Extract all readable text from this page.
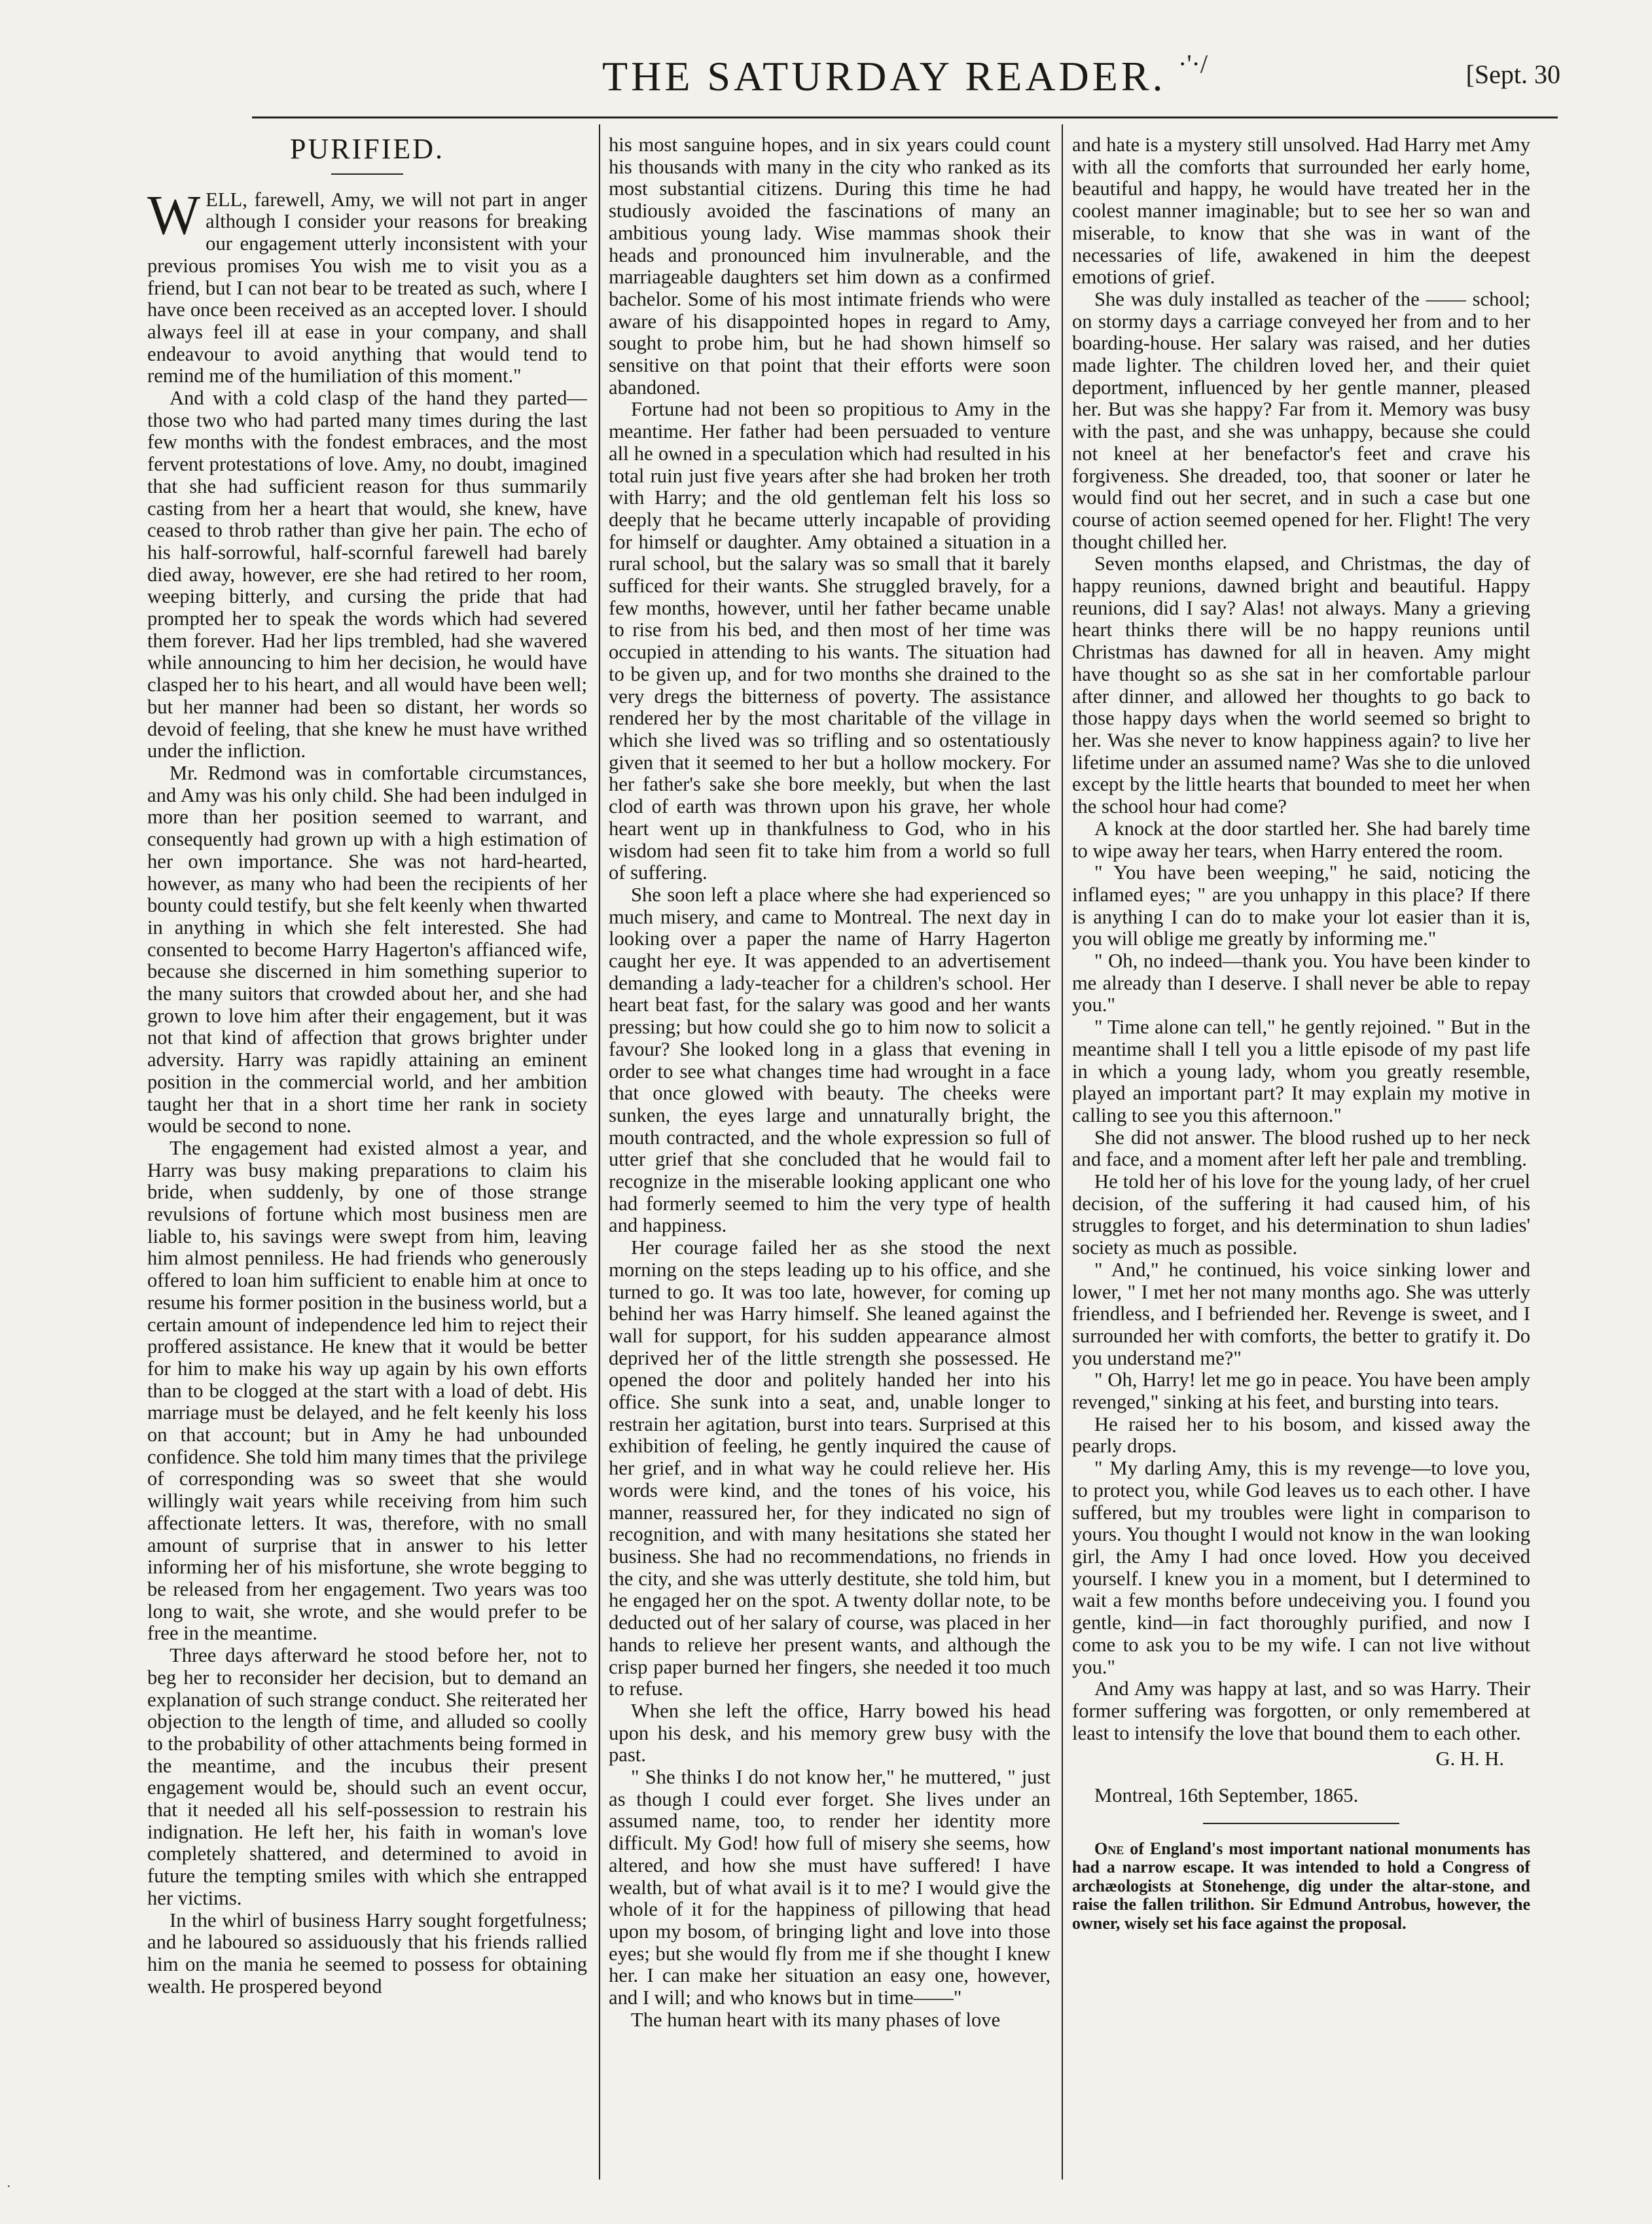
THE SATURDAY READER. ·'·/	[Sept. 30
PURIFIED.

WELL, farewell, Amy, we will not part in anger although I consider your reasons for breaking our engagement utterly inconsistent with your previous promises You wish me to visit you as a friend, but I can not bear to be treated as such, where I have once been received as an accepted lover. I should always feel ill at ease in your company, and shall endeavour to avoid anything that would tend to remind me of the humiliation of this moment."

And with a cold clasp of the hand they parted—those two who had parted many times during the last few months with the fondest embraces, and the most fervent protestations of love. Amy, no doubt, imagined that she had sufficient reason for thus summarily casting from her a heart that would, she knew, have ceased to throb rather than give her pain. The echo of his half-sorrowful, half-scornful farewell had barely died away, however, ere she had retired to her room, weeping bitterly, and cursing the pride that had prompted her to speak the words which had severed them forever. Had her lips trembled, had she wavered while announcing to him her decision, he would have clasped her to his heart, and all would have been well; but her manner had been so distant, her words so devoid of feeling, that she knew he must have writhed under the infliction.

Mr. Redmond was in comfortable circumstances, and Amy was his only child. She had been indulged in more than her position seemed to warrant, and consequently had grown up with a high estimation of her own importance. She was not hard-hearted, however, as many who had been the recipients of her bounty could testify, but she felt keenly when thwarted in anything in which she felt interested. She had consented to become Harry Hagerton's affianced wife, because she discerned in him something superior to the many suitors that crowded about her, and she had grown to love him after their engagement, but it was not that kind of affection that grows brighter under adversity. Harry was rapidly attaining an eminent position in the commercial world, and her ambition taught her that in a short time her rank in society would be second to none.

The engagement had existed almost a year, and Harry was busy making preparations to claim his bride, when suddenly, by one of those strange revulsions of fortune which most business men are liable to, his savings were swept from him, leaving him almost penniless. He had friends who generously offered to loan him sufficient to enable him at once to resume his former position in the business world, but a certain amount of independence led him to reject their proffered assistance. He knew that it would be better for him to make his way up again by his own efforts than to be clogged at the start with a load of debt. His marriage must be delayed, and he felt keenly his loss on that account; but in Amy he had unbounded confidence. She told him many times that the privilege of corresponding was so sweet that she would willingly wait years while receiving from him such affectionate letters. It was, therefore, with no small amount of surprise that in answer to his letter informing her of his misfortune, she wrote begging to be released from her engagement. Two years was too long to wait, she wrote, and she would prefer to be free in the meantime.

Three days afterward he stood before her, not to beg her to reconsider her decision, but to demand an explanation of such strange conduct. She reiterated her objection to the length of time, and alluded so coolly to the probability of other attachments being formed in the meantime, and the incubus their present engagement would be, should such an event occur, that it needed all his self-possession to restrain his indignation. He left her, his faith in woman's love completely shattered, and determined to avoid in future the tempting smiles with which she entrapped her victims.

In the whirl of business Harry sought forgetfulness; and he laboured so assiduously that his friends rallied him on the mania he seemed to possess for obtaining wealth. He prospered beyond

his most sanguine hopes, and in six years could count his thousands with many in the city who ranked as its most substantial citizens. During this time he had studiously avoided the fascinations of many an ambitious young lady. Wise mammas shook their heads and pronounced him invulnerable, and the marriageable daughters set him down as a confirmed bachelor. Some of his most intimate friends who were aware of his disappointed hopes in regard to Amy, sought to probe him, but he had shown himself so sensitive on that point that their efforts were soon abandoned.

Fortune had not been so propitious to Amy in the meantime. Her father had been persuaded to venture all he owned in a speculation which had resulted in his total ruin just five years after she had broken her troth with Harry; and the old gentleman felt his loss so deeply that he became utterly incapable of providing for himself or daughter. Amy obtained a situation in a rural school, but the salary was so small that it barely sufficed for their wants. She struggled bravely, for a few months, however, until her father became unable to rise from his bed, and then most of her time was occupied in attending to his wants. The situation had to be given up, and for two months she drained to the very dregs the bitterness of poverty. The assistance rendered her by the most charitable of the village in which she lived was so trifling and so ostentatiously given that it seemed to her but a hollow mockery. For her father's sake she bore meekly, but when the last clod of earth was thrown upon his grave, her whole heart went up in thankfulness to God, who in his wisdom had seen fit to take him from a world so full of suffering.

She soon left a place where she had experienced so much misery, and came to Montreal. The next day in looking over a paper the name of Harry Hagerton caught her eye. It was appended to an advertisement demanding a lady-teacher for a children's school. Her heart beat fast, for the salary was good and her wants pressing; but how could she go to him now to solicit a favour? She looked long in a glass that evening in order to see what changes time had wrought in a face that once glowed with beauty. The cheeks were sunken, the eyes large and unnaturally bright, the mouth contracted, and the whole expression so full of utter grief that she concluded that he would fail to recognize in the miserable looking applicant one who had formerly seemed to him the very type of health and happiness.

Her courage failed her as she stood the next morning on the steps leading up to his office, and she turned to go. It was too late, however, for coming up behind her was Harry himself. She leaned against the wall for support, for his sudden appearance almost deprived her of the little strength she possessed. He opened the door and politely handed her into his office. She sunk into a seat, and, unable longer to restrain her agitation, burst into tears. Surprised at this exhibition of feeling, he gently inquired the cause of her grief, and in what way he could relieve her. His words were kind, and the tones of his voice, his manner, reassured her, for they indicated no sign of recognition, and with many hesitations she stated her business. She had no recommendations, no friends in the city, and she was utterly destitute, she told him, but he engaged her on the spot. A twenty dollar note, to be deducted out of her salary of course, was placed in her hands to relieve her present wants, and although the crisp paper burned her fingers, she needed it too much to refuse.

When she left the office, Harry bowed his head upon his desk, and his memory grew busy with the past.

" She thinks I do not know her," he muttered, " just as though I could ever forget. She lives under an assumed name, too, to render her identity more difficult. My God! how full of misery she seems, how altered, and how she must have suffered! I have wealth, but of what avail is it to me? I would give the whole of it for the happiness of pillowing that head upon my bosom, of bringing light and love into those eyes; but she would fly from me if she thought I knew her. I can make her situation an easy one, however, and I will; and who knows but in time——"

The human heart with its many phases of love

and hate is a mystery still unsolved. Had Harry met Amy with all the comforts that surrounded her early home, beautiful and happy, he would have treated her in the coolest manner imaginable; but to see her so wan and miserable, to know that she was in want of the necessaries of life, awakened in him the deepest emotions of grief.

She was duly installed as teacher of the —— school; on stormy days a carriage conveyed her from and to her boarding-house. Her salary was raised, and her duties made lighter. The children loved her, and their quiet deportment, influenced by her gentle manner, pleased her. But was she happy? Far from it. Memory was busy with the past, and she was unhappy, because she could not kneel at her benefactor's feet and crave his forgiveness. She dreaded, too, that sooner or later he would find out her secret, and in such a case but one course of action seemed opened for her. Flight! The very thought chilled her.

Seven months elapsed, and Christmas, the day of happy reunions, dawned bright and beautiful. Happy reunions, did I say? Alas! not always. Many a grieving heart thinks there will be no happy reunions until Christmas has dawned for all in heaven. Amy might have thought so as she sat in her comfortable parlour after dinner, and allowed her thoughts to go back to those happy days when the world seemed so bright to her. Was she never to know happiness again? to live her lifetime under an assumed name? Was she to die unloved except by the little hearts that bounded to meet her when the school hour had come?

A knock at the door startled her. She had barely time to wipe away her tears, when Harry entered the room.

" You have been weeping," he said, noticing the inflamed eyes; " are you unhappy in this place? If there is anything I can do to make your lot easier than it is, you will oblige me greatly by informing me."

" Oh, no indeed—thank you. You have been kinder to me already than I deserve. I shall never be able to repay you."

" Time alone can tell," he gently rejoined. " But in the meantime shall I tell you a little episode of my past life in which a young lady, whom you greatly resemble, played an important part? It may explain my motive in calling to see you this afternoon."

She did not answer. The blood rushed up to her neck and face, and a moment after left her pale and trembling.

He told her of his love for the young lady, of her cruel decision, of the suffering it had caused him, of his struggles to forget, and his determination to shun ladies' society as much as possible.

" And," he continued, his voice sinking lower and lower, " I met her not many months ago. She was utterly friendless, and I befriended her. Revenge is sweet, and I surrounded her with comforts, the better to gratify it. Do you understand me?"

" Oh, Harry! let me go in peace. You have been amply revenged," sinking at his feet, and bursting into tears.

He raised her to his bosom, and kissed away the pearly drops.

" My darling Amy, this is my revenge—to love you, to protect you, while God leaves us to each other. I have suffered, but my troubles were light in comparison to yours. You thought I would not know in the wan looking girl, the Amy I had once loved. How you deceived yourself. I knew you in a moment, but I determined to wait a few months before undeceiving you. I found you gentle, kind—in fact thoroughly purified, and now I come to ask you to be my wife. I can not live without you."

And Amy was happy at last, and so was Harry. Their former suffering was forgotten, or only remembered at least to intensify the love that bound them to each other.

G. H. H.
Montreal, 16th September, 1865.

One of England's most important national monuments has had a narrow escape. It was intended to hold a Congress of archæologists at Stonehenge, dig under the altar-stone, and raise the fallen trilithon. Sir Edmund Antrobus, however, the owner, wisely set his face against the proposal.

·
